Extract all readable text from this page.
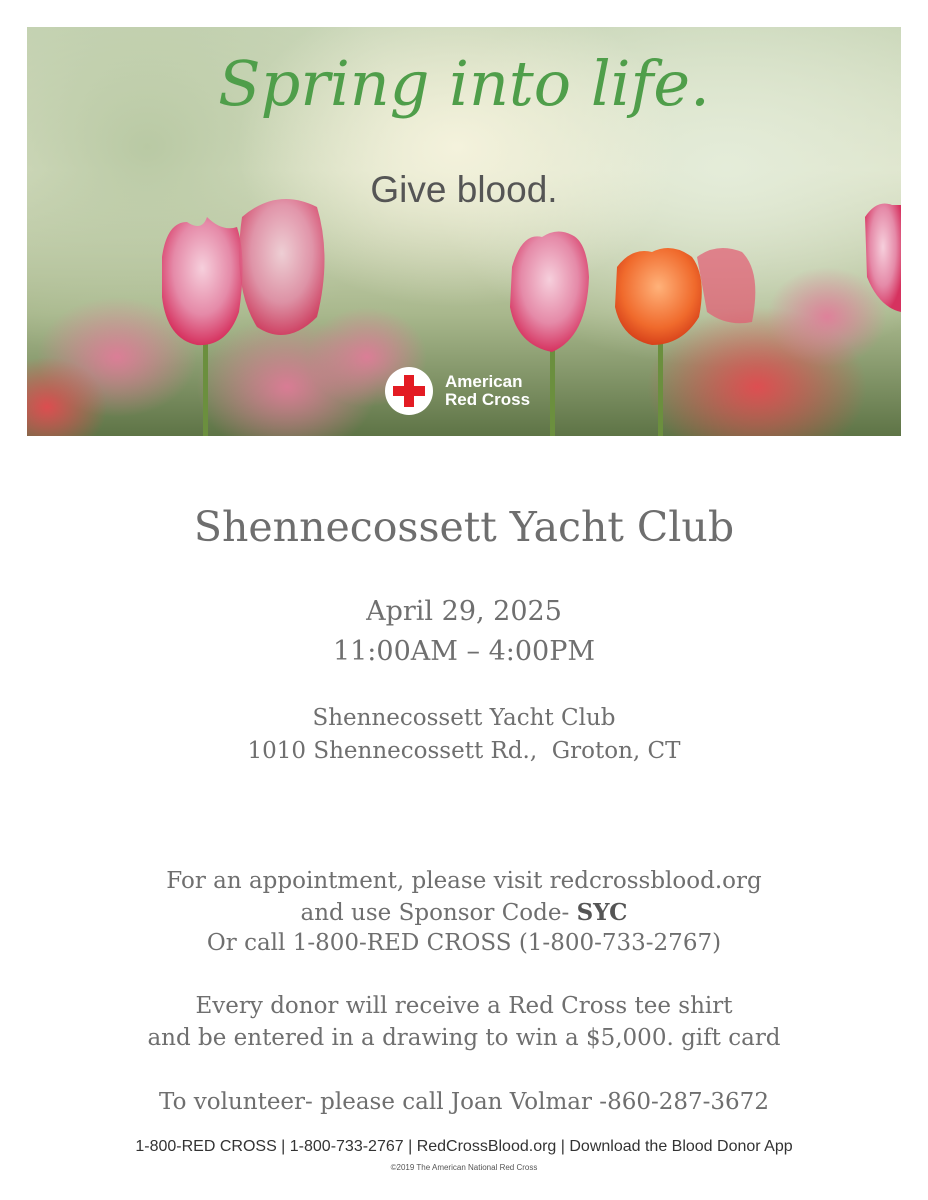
Spring into life.
Give blood.
American
Red Cross
Shennecossett Yacht Club
April 29, 2025
11:00AM – 4:00PM
Shennecossett Yacht Club
1010 Shennecossett Rd.,  Groton, CT
For an appointment, please visit redcrossblood.org
and use Sponsor Code- SYC
Or call 1-800-RED CROSS (1-800-733-2767)
Every donor will receive a Red Cross tee shirt
and be entered in a drawing to win a $5,000. gift card
To volunteer- please call Joan Volmar -860-287-3672
1-800-RED CROSS | 1-800-733-2767 | RedCrossBlood.org | Download the Blood Donor App
©2019 The American National Red Cross
